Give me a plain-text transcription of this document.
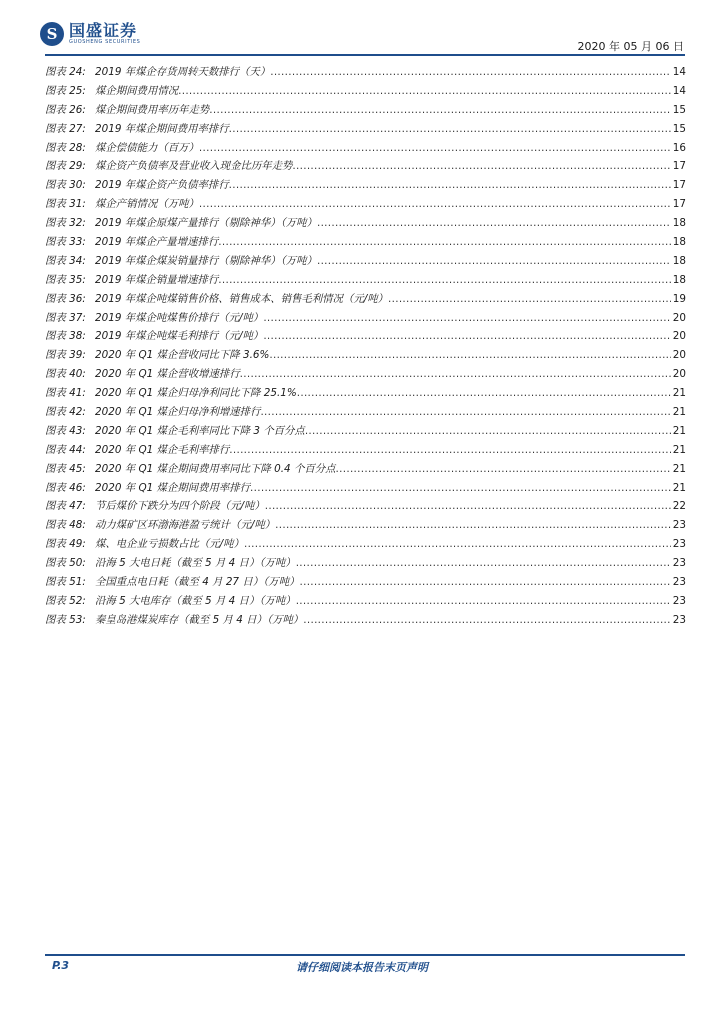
S 国盛证券
GUOSHENG SECURITIES	2020 年 05 月 06 日
图表 24: 2019 年煤企存货周转天数排行（天） .....	14
图表 25: 煤企期间费用情况 .....	14
图表 26: 煤企期间费用率历年走势 .....	15
图表 27: 2019 年煤企期间费用率排行 .....	15
图表 28: 煤企偿债能力（百万） .....	16
图表 29: 煤企资产负债率及营业收入现金比历年走势 .....	17
图表 30: 2019 年煤企资产负债率排行 .....	17
图表 31: 煤企产销情况（万吨） .....	17
图表 32: 2019 年煤企原煤产量排行（剔除神华）（万吨） .....	18
图表 33: 2019 年煤企产量增速排行 .....	18
图表 34: 2019 年煤企煤炭销量排行（剔除神华）（万吨） .....	18
图表 35: 2019 年煤企销量增速排行 .....	18
图表 36: 2019 年煤企吨煤销售价格、销售成本、销售毛利情况（元/吨） .....	19
图表 37: 2019 年煤企吨煤售价排行（元/吨） .....	20
图表 38: 2019 年煤企吨煤毛利排行（元/吨） .....	20
图表 39: 2020 年 Q1 煤企营收同比下降 3.6% .....	20
图表 40: 2020 年 Q1 煤企营收增速排行 .....	20
图表 41: 2020 年 Q1 煤企归母净利同比下降 25.1% .....	21
图表 42: 2020 年 Q1 煤企归母净利增速排行 .....	21
图表 43: 2020 年 Q1 煤企毛利率同比下降 3 个百分点 .....	21
图表 44: 2020 年 Q1 煤企毛利率排行 .....	21
图表 45: 2020 年 Q1 煤企期间费用率同比下降 0.4 个百分点 .....	21
图表 46: 2020 年 Q1 煤企期间费用率排行 .....	21
图表 47: 节后煤价下跌分为四个阶段（元/吨） .....	22
图表 48: 动力煤矿区环渤海港盈亏统计（元/吨） .....	23
图表 49: 煤、电企业亏损数占比（元/吨） .....	23
图表 50: 沿海 5 大电日耗（截至 5 月 4 日）（万吨） .....	23
图表 51: 全国重点电日耗（截至 4 月 27 日）（万吨） .....	23
图表 52: 沿海 5 大电库存（截至 5 月 4 日）（万吨） .....	23
图表 53: 秦皇岛港煤炭库存（截至 5 月 4 日）（万吨） .....	23
请仔细阅读本报告末页声明
P.3
